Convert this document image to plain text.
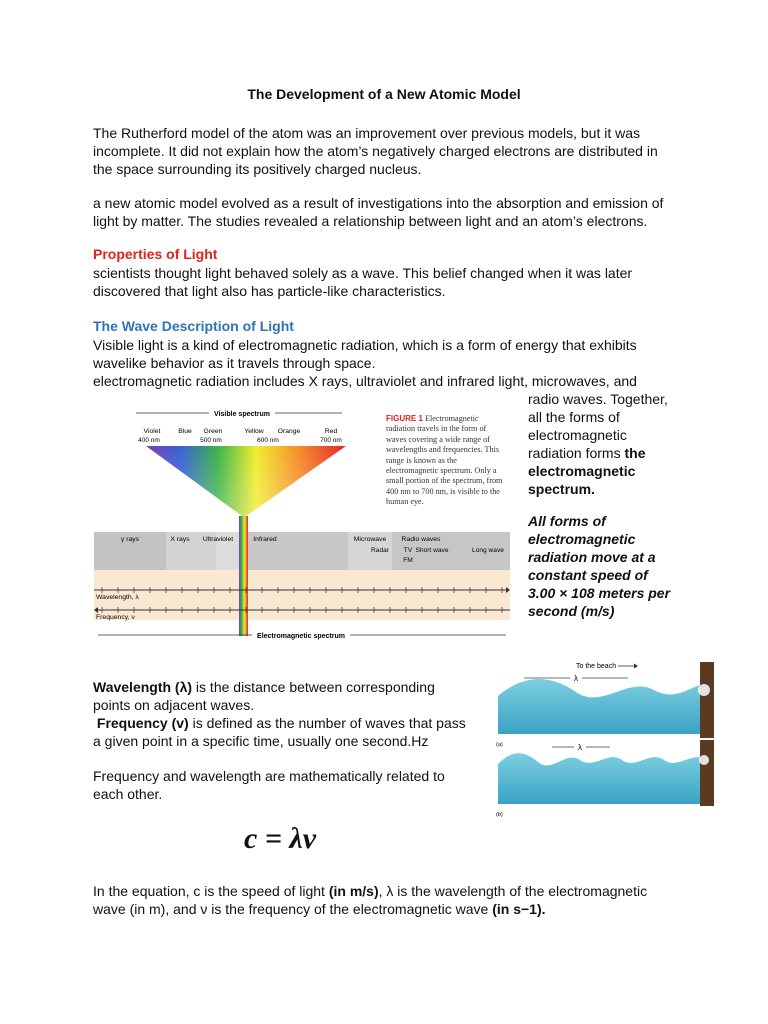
The Development of a New Atomic Model
The Rutherford model of the atom was an improvement over previous models, but it was
incomplete. It did not explain how the atom’s negatively charged electrons are distributed in
the space surrounding its positively charged nucleus.
a new atomic model evolved as a result of investigations into the absorption and emission of
light by matter. The studies revealed a relationship between light and an atom’s electrons.
Properties of Light
scientists thought light behaved solely as a wave. This belief changed when it was later
discovered that light also has particle-like characteristics.
The Wave Description of Light
Visible light is a kind of electromagnetic radiation, which is a form of energy that exhibits
wavelike behavior as it travels through space.
electromagnetic radiation includes X rays, ultraviolet and infrared light, microwaves, and
radio waves. Together,
all the forms of
electromagnetic
radiation forms the
electromagnetic
spectrum.
All forms of
electromagnetic
radiation move at a
constant speed of
3.00 × 108 meters per
second (m/s)
Visible spectrum
Violet	Blue Green	Yellow Orange	Red
400 nm	500 nm	600 nm	700 nm
γ rays	X rays Ultraviolet	Infrared	Microwave Radio waves
Radar TV
FM
Short wave	Long wave
Wavelength, λ
Frequency, ν
Electromagnetic spectrum
FIGURE 1 Electromagnetic radiation travels in the form of waves covering a wide range of wavelengths and frequencies. This range is known as the electromagnetic spectrum. Only a small portion of the spectrum, from 400 nm to 700 nm, is visible to the human eye.
To the beach
λ
(a)	λ
(b)
Wavelength (λ) is the distance between corresponding
points on adjacent waves.
Frequency (v) is defined as the number of waves that pass
a given point in a specific time, usually one second.Hz
Frequency and wavelength are mathematically related to
each other.
c = λν
In the equation, c is the speed of light (in m/s), λ is the wavelength of the electromagnetic
wave (in m), and ν is the frequency of the electromagnetic wave (in s−1).
